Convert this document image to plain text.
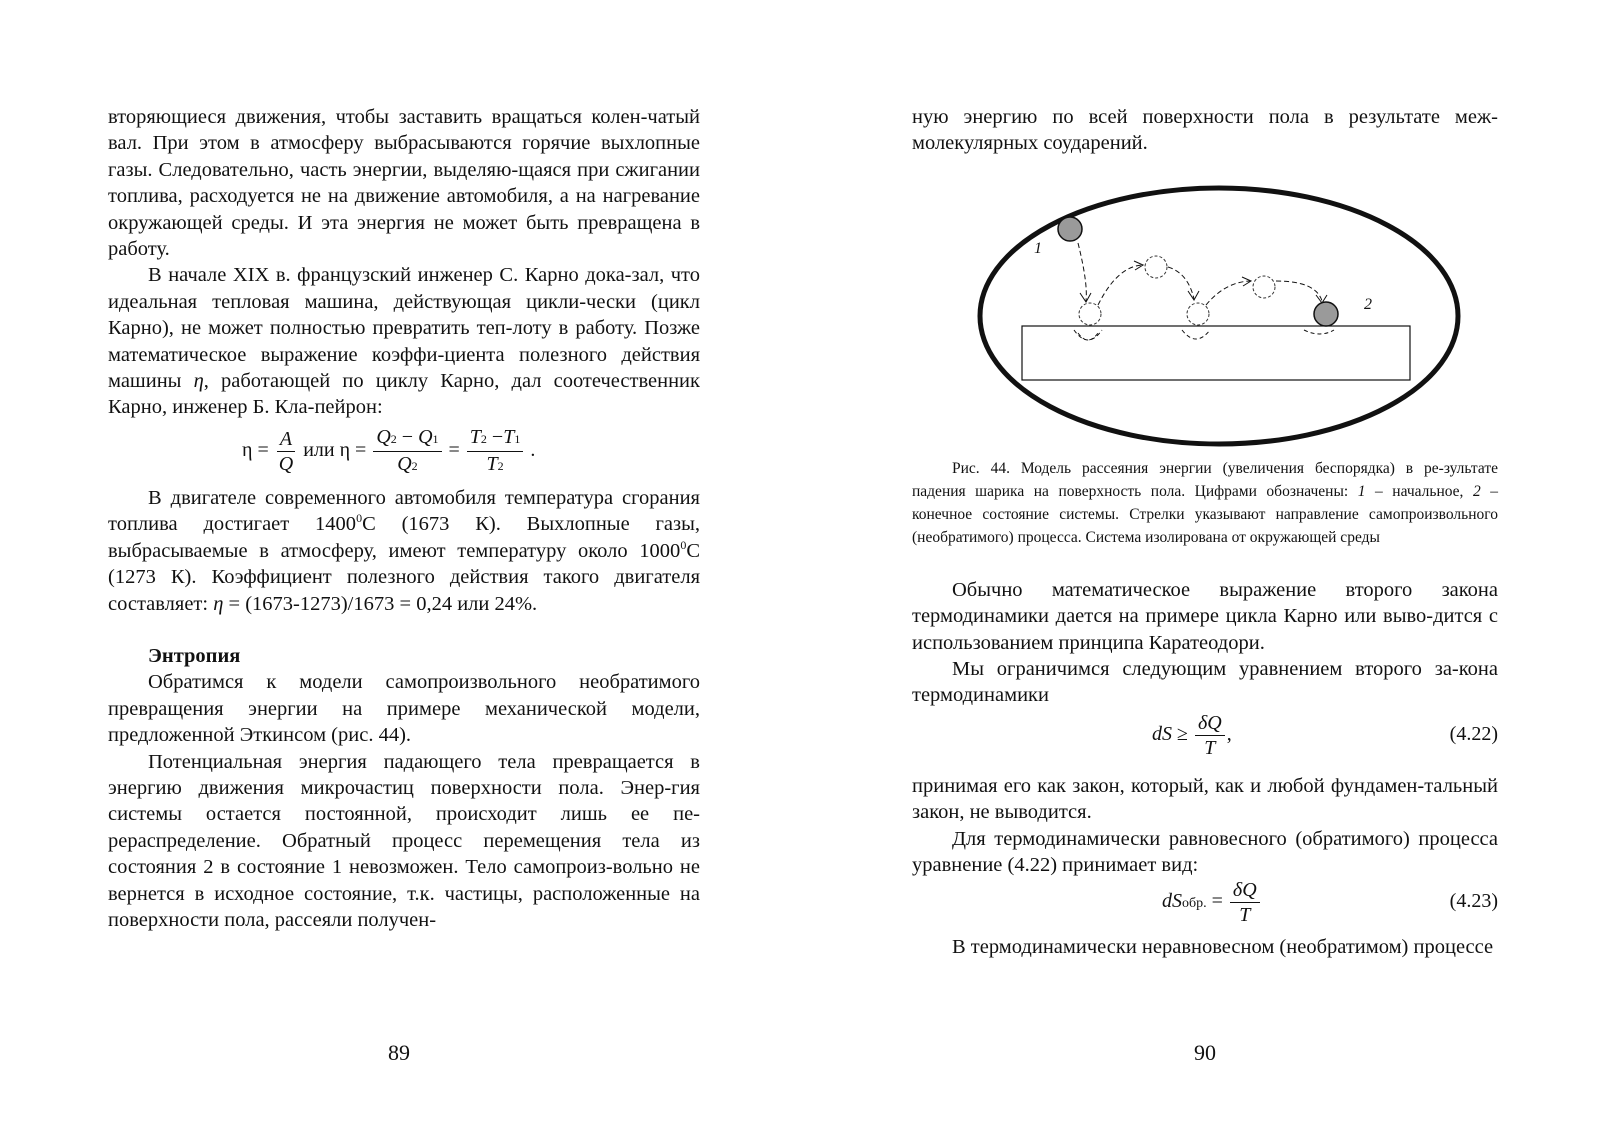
вторяющиеся движения, чтобы заставить вращаться колен-чатый вал. При этом в атмосферу выбрасываются горячие выхлопные газы. Следовательно, часть энергии, выделяю-щаяся при сжигании топлива, расходуется не на движение автомобиля, а на нагревание окружающей среды. И эта энергия не может быть превращена в работу.

В начале XIX в. французский инженер С. Карно дока-зал, что идеальная тепловая машина, действующая цикли-чески (цикл Карно), не может полностью превратить теп-лоту в работу. Позже математическое выражение коэффи-циента полезного действия машины η, работающей по циклу Карно, дал соотечественник Карно, инженер Б. Кла-пейрон:

$\eta = \frac{A}{Q}$ или $\eta = \frac{Q2 - Q1}{Q2} = \frac{T2 -T1}{T2}$ .

В двигателе современного автомобиля температура сгорания топлива достигает 1400$^0$С (1673 К). Выхлопные газы, выбрасываемые в атмосферу, имеют температуру около 1000$^0$С (1273 К). Коэффициент полезного действия такого двигателя составляет: η = (1673-1273)/1673 = 0,24 или 24%.

Энтропия

Обратимся к модели самопроизвольного необратимого превращения энергии на примере механической модели, предложенной Эткинсом (рис. 44).

Потенциальная энергия падающего тела превращается в энергию движения микрочастиц поверхности пола. Энер-гия системы остается постоянной, происходит лишь ее пе-рераспределение. Обратный процесс перемещения тела из состояния 2 в состояние 1 невозможен. Тело самопроиз-вольно не вернется в исходное состояние, т.к. частицы, расположенные на поверхности пола, рассеяли получен-

89

ную энергию по всей поверхности пола в результате меж-молекулярных соударений.

1
2

Рис. 44. Модель рассеяния энергии (увеличения беспорядка) в ре-зультате падения шарика на поверхность пола. Цифрами обозначены: 1 – начальное, 2 – конечное состояние системы. Стрелки указывают направление самопроизвольного (необратимого) процесса. Система изолирована от окружающей среды

Обычно математическое выражение второго закона термодинамики дается на примере цикла Карно или выво-дится с использованием принципа Каратеодори.

Мы ограничимся следующим уравнением второго за-кона термодинамики

dS ≥ $\frac{\delta Q}{T}$ ,	(4.22)

принимая его как закон, который, как и любой фундамен-тальный закон, не выводится.

Для термодинамически равновесного (обратимого) процесса уравнение (4.22) принимает вид:

dSобр. = $\frac{\delta Q}{T}$	(4.23)

В термодинамически неравновесном (необратимом) процессе

90
